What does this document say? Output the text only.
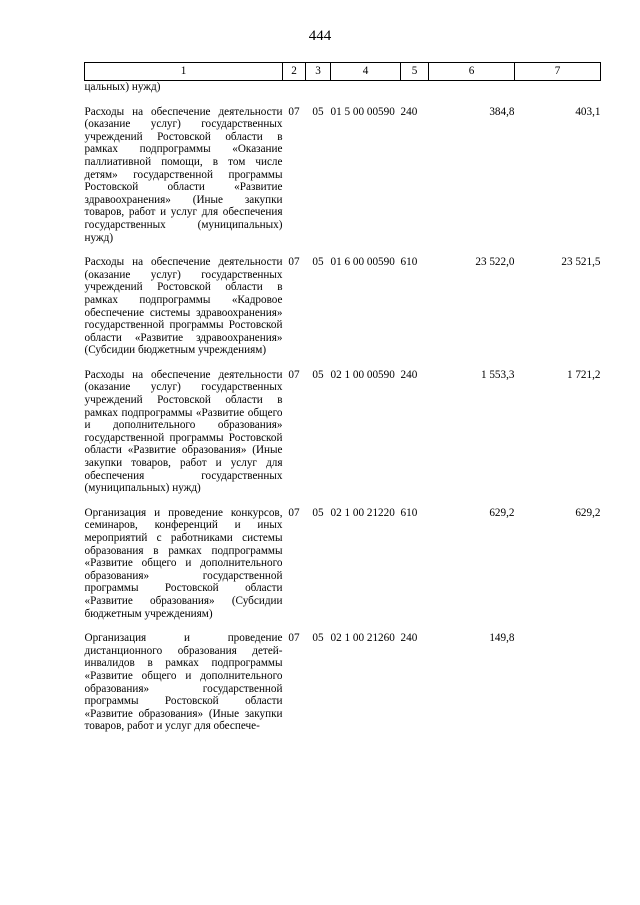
444
1	2	3	4	5	6	7
цальных) нужд)						
Расходы на обеспечение деятельности (оказание услуг) государственных учреждений Ростовской области в рамках подпрограммы «Оказание паллиативной помощи, в том числе детям» государственной программы Ростовской области «Развитие здравоохранения» (Иные закупки товаров, работ и услуг для обеспечения государственных (муниципальных) нужд)	07	05	01 5 00 00590	240	384,8	403,1
Расходы на обеспечение деятельности (оказание услуг) государственных учреждений Ростовской области в рамках подпрограммы «Кадровое обеспечение системы здравоохранения» государственной программы Ростовской области «Развитие здравоохранения» (Субсидии бюджетным учреждениям)	07	05	01 6 00 00590	610	23 522,0	23 521,5
Расходы на обеспечение деятельности (оказание услуг) государственных учреждений Ростовской области в рамках подпрограммы «Развитие общего и дополнительного образования» государственной программы Ростовской области «Развитие образования» (Иные закупки товаров, работ и услуг для обеспечения государственных (муниципальных) нужд)	07	05	02 1 00 00590	240	1 553,3	1 721,2
Организация и проведение конкурсов, семинаров, конференций и иных мероприятий с работниками системы образования в рамках подпрограммы «Развитие общего и дополнительного образования» государственной программы Ростовской области «Развитие образования» (Субсидии бюджетным учреждениям)	07	05	02 1 00 21220	610	629,2	629,2
Организация и проведение дистанционного образования детей-инвалидов в рамках подпрограммы «Развитие общего и дополнительного образования» государственной программы Ростовской области «Развитие образования» (Иные закупки товаров, работ и услуг для обеспече-	07	05	02 1 00 21260	240	149,8	
